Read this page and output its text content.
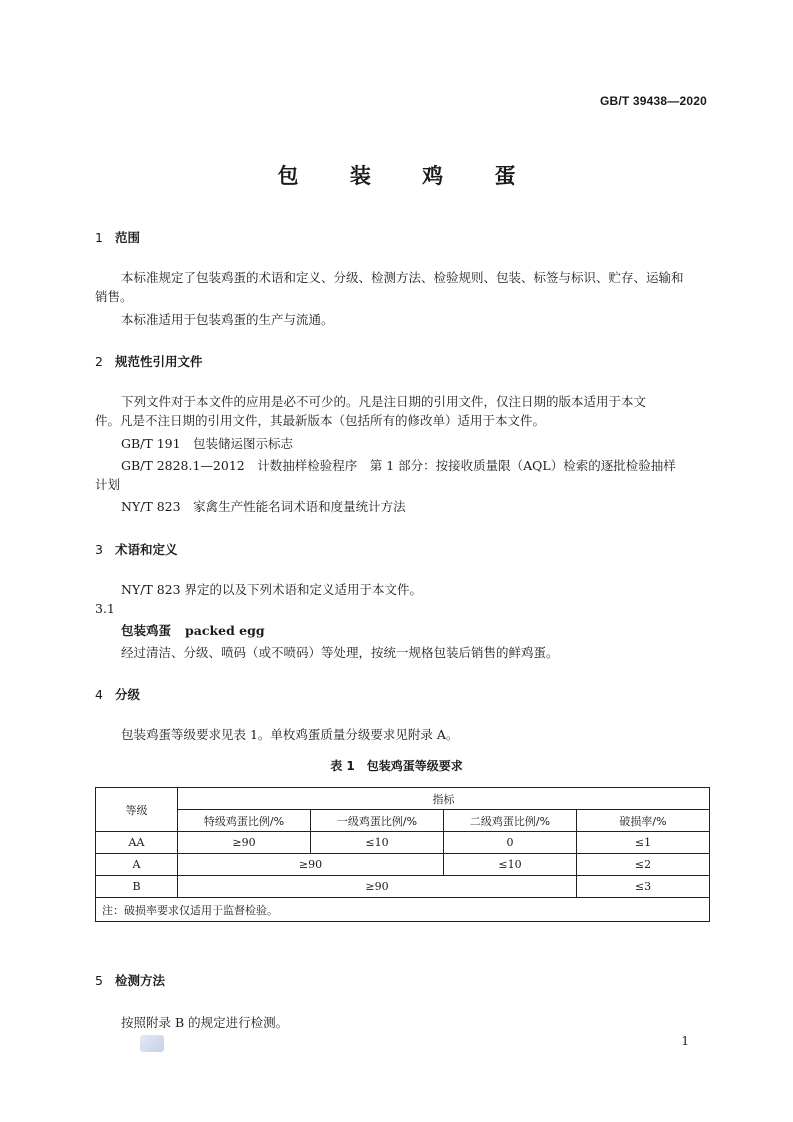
GB/T 39438—2020
包 装 鸡 蛋
1 范围
本标准规定了包装鸡蛋的术语和定义、分级、检测方法、检验规则、包装、标签与标识、贮存、运输和
销售。
本标准适用于包装鸡蛋的生产与流通。
2 规范性引用文件
下列文件对于本文件的应用是必不可少的。凡是注日期的引用文件，仅注日期的版本适用于本文
件。凡是不注日期的引用文件，其最新版本（包括所有的修改单）适用于本文件。
GB/T 191　包装储运图示标志
GB/T 2828.1—2012　计数抽样检验程序　第 1 部分：按接收质量限（AQL）检索的逐批检验抽样
计划
NY/T 823　家禽生产性能名词术语和度量统计方法
3 术语和定义
NY/T 823 界定的以及下列术语和定义适用于本文件。
3.1
包装鸡蛋 packed egg
经过清洁、分级、喷码（或不喷码）等处理，按统一规格包装后销售的鲜鸡蛋。
4 分级
包装鸡蛋等级要求见表 1。单枚鸡蛋质量分级要求见附录 A。
表 1　包装鸡蛋等级要求
等级	指标			
	特级鸡蛋比例/%	一级鸡蛋比例/%	二级鸡蛋比例/%	破损率/%
AA	≥90	≤10	0	≤1
A	≥90		≤10	≤2
B	≥90			≤3
注：破损率要求仅适用于监督检验。				
5 检测方法
按照附录 B 的规定进行检测。
1
